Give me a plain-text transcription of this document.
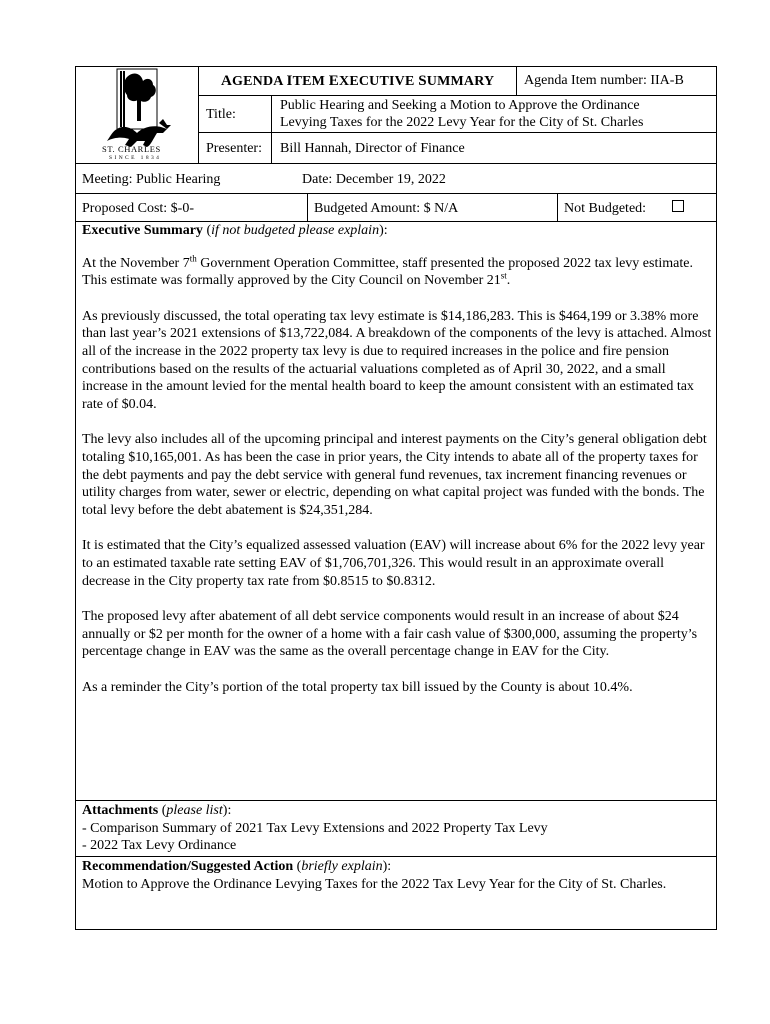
ST. CHARLES
SINCE 1834
AGENDA ITEM EXECUTIVE SUMMARY Agenda Item number: IIA-B
Title:
Public Hearing and Seeking a Motion to Approve the Ordinance
Levying Taxes for the 2022 Levy Year for the City of St. Charles
Presenter: Bill Hannah, Director of Finance
Meeting: Public Hearing	Date: December 19, 2022
Proposed Cost: $-0-	Budgeted Amount: $ N/A	Not Budgeted:

Executive Summary (if not budgeted please explain):

At the November 7th Government Operation Committee, staff presented the proposed 2022 tax levy estimate. This estimate was formally approved by the City Council on November 21st.

As previously discussed, the total operating tax levy estimate is $14,186,283. This is $464,199 or 3.38% more than last year’s 2021 extensions of $13,722,084. A breakdown of the components of the levy is attached. Almost all of the increase in the 2022 property tax levy is due to required increases in the police and fire pension contributions based on the results of the actuarial valuations completed as of April 30, 2022, and a small increase in the amount levied for the mental health board to keep the amount consistent with an estimated tax rate of $0.04.

The levy also includes all of the upcoming principal and interest payments on the City’s general obligation debt totaling $10,165,001. As has been the case in prior years, the City intends to abate all of the property taxes for the debt payments and pay the debt service with general fund revenues, tax increment financing revenues or utility charges from water, sewer or electric, depending on what capital project was funded with the bonds. The total levy before the debt abatement is $24,351,284.

It is estimated that the City’s equalized assessed valuation (EAV) will increase about 6% for the 2022 levy year to an estimated taxable rate setting EAV of $1,706,701,326. This would result in an approximate overall decrease in the City property tax rate from $0.8515 to $0.8312.

The proposed levy after abatement of all debt service components would result in an increase of about $24 annually or $2 per month for the owner of a home with a fair cash value of $300,000, assuming the property’s percentage change in EAV was the same as the overall percentage change in EAV for the City.

As a reminder the City’s portion of the total property tax bill issued by the County is about 10.4%.

Attachments (please list):
- Comparison Summary of 2021 Tax Levy Extensions and 2022 Property Tax Levy
- 2022 Tax Levy Ordinance
Recommendation/Suggested Action (briefly explain):
Motion to Approve the Ordinance Levying Taxes for the 2022 Tax Levy Year for the City of St. Charles.
